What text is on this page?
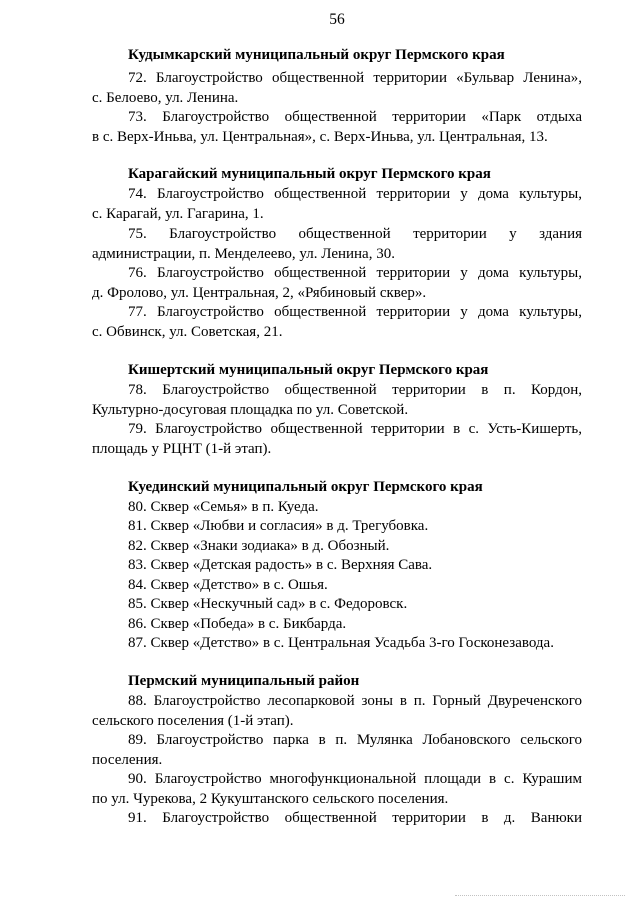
56
Кудымкарский муниципальный округ Пермского края
72. Благоустройство общественной территории «Бульвар Ленина»,
с. Белоево, ул. Ленина.
73. Благоустройство общественной территории «Парк отдыха
в с. Верх-Иньва, ул. Центральная», с. Верх-Иньва, ул. Центральная, 13.
Карагайский муниципальный округ Пермского края
74. Благоустройство общественной территории у дома культуры,
с. Карагай, ул. Гагарина, 1.
75. Благоустройство общественной территории у здания
администрации, п. Менделеево, ул. Ленина, 30.
76. Благоустройство общественной территории у дома культуры,
д. Фролово, ул. Центральная, 2, «Рябиновый сквер».
77. Благоустройство общественной территории у дома культуры,
с. Обвинск, ул. Советская, 21.
Кишертский муниципальный округ Пермского края
78. Благоустройство общественной территории в п. Кордон,
Культурно-досуговая площадка по ул. Советской.
79. Благоустройство общественной территории в с. Усть-Кишерть,
площадь у РЦНТ (1-й этап).
Куединский муниципальный округ Пермского края
80. Сквер «Семья» в п. Куеда.
81. Сквер «Любви и согласия» в д. Трегубовка.
82. Сквер «Знаки зодиака» в д. Обозный.
83. Сквер «Детская радость» в с. Верхняя Сава.
84. Сквер «Детство» в с. Ошья.
85. Сквер «Нескучный сад» в с. Федоровск.
86. Сквер «Победа» в с. Бикбарда.
87. Сквер «Детство» в с. Центральная Усадьба 3-го Госконезавода.
Пермский муниципальный район
88. Благоустройство лесопарковой зоны в п. Горный Двуреченского
сельского поселения (1-й этап).
89. Благоустройство парка в п. Мулянка Лобановского сельского
поселения.
90. Благоустройство многофункциональной площади в с. Курашим
по ул. Чурекова, 2 Кукуштанского сельского поселения.
91. Благоустройство общественной территории в д. Ванюки
